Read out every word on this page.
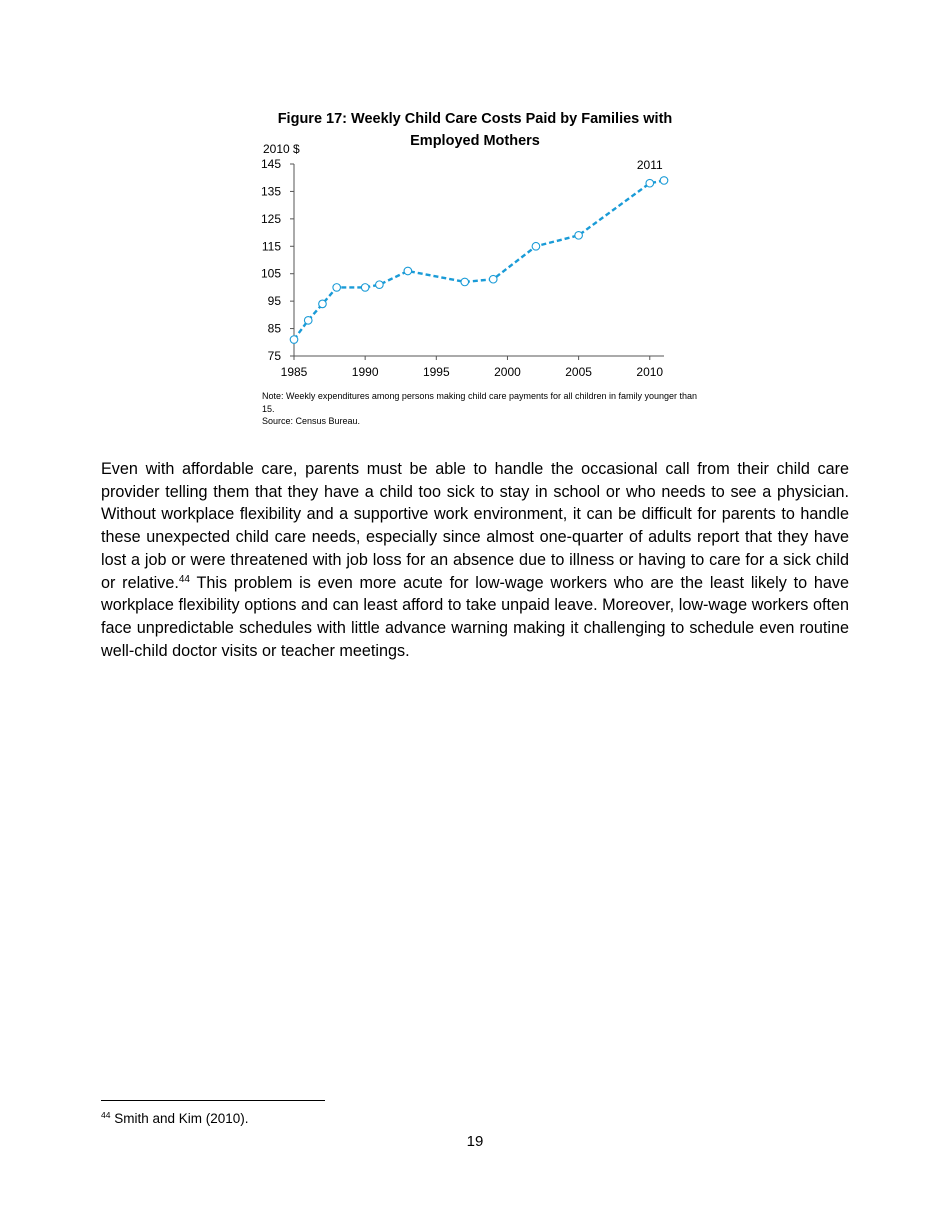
Figure 17: Weekly Child Care Costs Paid by Families with Employed Mothers
2010 $
75
85
95
105
115
125
135
145
1985	1990	1995	2000	2005	2010
2011
Note: Weekly expenditures among persons making child care payments for all children in family younger than 15.
Source: Census Bureau.
Even with affordable care, parents must be able to handle the occasional call from their child care provider telling them that they have a child too sick to stay in school or who needs to see a physician. Without workplace flexibility and a supportive work environment, it can be difficult for parents to handle these unexpected child care needs, especially since almost one-quarter of adults report that they have lost a job or were threatened with job loss for an absence due to illness or having to care for a sick child or relative.$^{44}$ This problem is even more acute for low-wage workers who are the least likely to have workplace flexibility options and can least afford to take unpaid leave. Moreover, low-wage workers often face unpredictable schedules with little advance warning making it challenging to schedule even routine well-child doctor visits or teacher meetings.
$^{44}$ Smith and Kim (2010).
19
